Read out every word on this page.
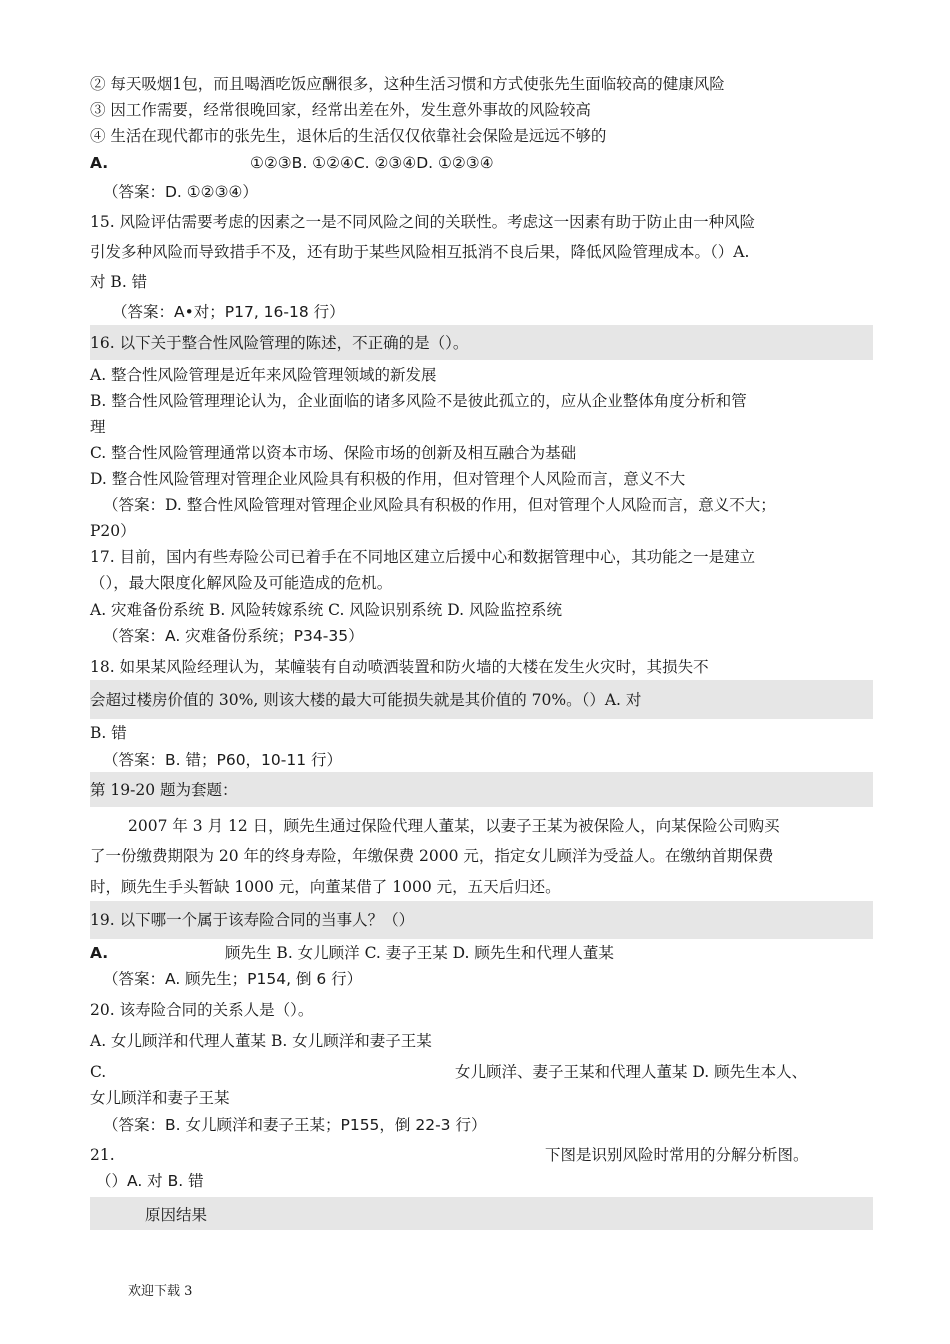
② 每天吸烟1包，而且喝酒吃饭应酬很多，这种生活习惯和方式使张先生面临较高的健康风险
③ 因工作需要，经常很晚回家，经常出差在外，发生意外事故的风险较高
④ 生活在现代都市的张先生，退休后的生活仅仅依靠社会保险是远远不够的
A.	①②③B. ①②④C. ②③④D. ①②③④
（答案：D. ①②③④）
15. 风险评估需要考虑的因素之一是不同风险之间的关联性。考虑这一因素有助于防止由一种风险
引发多种风险而导致措手不及，还有助于某些风险相互抵消不良后果，降低风险管理成本。（）A.
对 B. 错
（答案：A•对；P17, 16-18 行）
16. 以下关于整合性风险管理的陈述，不正确的是（）。
A. 整合性风险管理是近年来风险管理领域的新发展
B. 整合性风险管理理论认为，企业面临的诸多风险不是彼此孤立的，应从企业整体角度分析和管
理
C. 整合性风险管理通常以资本市场、保险市场的创新及相互融合为基础
D. 整合性风险管理对管理企业风险具有积极的作用，但对管理个人风险而言，意义不大
（答案：D. 整合性风险管理对管理企业风险具有积极的作用，但对管理个人风险而言，意义不大；
P20）
17. 目前，国内有些寿险公司已着手在不同地区建立后援中心和数据管理中心，其功能之一是建立
（），最大限度化解风险及可能造成的危机。
A. 灾难备份系统 B. 风险转嫁系统 C. 风险识别系统 D. 风险监控系统
（答案：A. 灾难备份系统；P34-35）
18. 如果某风险经理认为，某幢装有自动喷洒装置和防火墙的大楼在发生火灾时，其损失不
会超过楼房价值的 30%, 则该大楼的最大可能损失就是其价值的 70%。（）A. 对
B. 错
（答案：B. 错；P60，10-11 行）
第 19-20 题为套题：
2007 年 3 月 12 日，顾先生通过保险代理人董某，以妻子王某为被保险人，向某保险公司购买
了一份缴费期限为 20 年的终身寿险，年缴保费 2000 元，指定女儿顾洋为受益人。在缴纳首期保费
时，顾先生手头暂缺 1000 元，向董某借了 1000 元，五天后归还。
19. 以下哪一个属于该寿险合同的当事人？（）
A.	顾先生 B. 女儿顾洋 C. 妻子王某 D. 顾先生和代理人董某
（答案：A. 顾先生；P154, 倒 6 行）
20. 该寿险合同的关系人是（）。
A. 女儿顾洋和代理人董某 B. 女儿顾洋和妻子王某
C.	女儿顾洋、妻子王某和代理人董某 D. 顾先生本人、
女儿顾洋和妻子王某
（答案：B. 女儿顾洋和妻子王某；P155，倒 22-3 行）
21.	下图是识别风险时常用的分解分析图。
（）A. 对 B. 错
原因结果
欢迎下载 3
